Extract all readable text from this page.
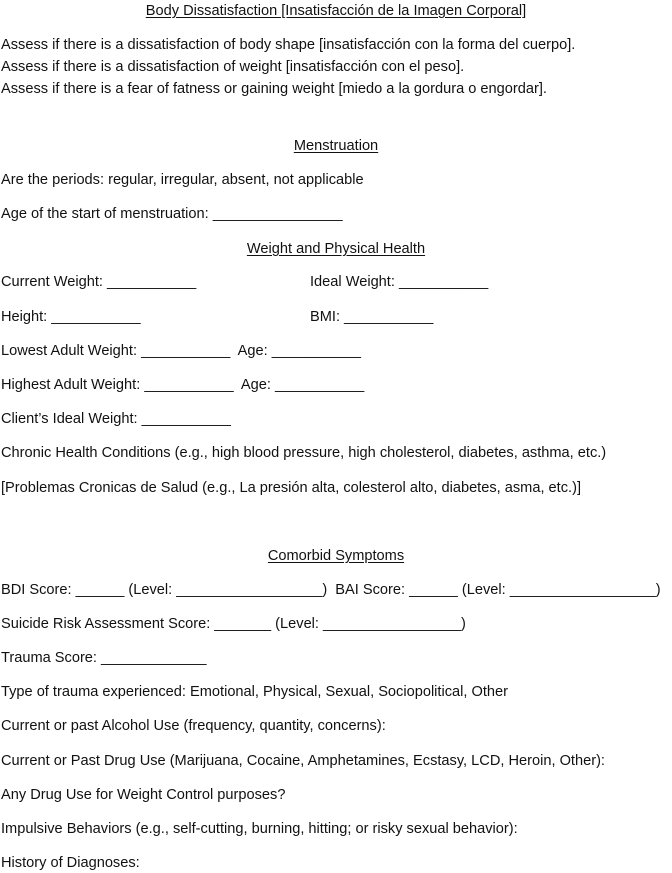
Body Dissatisfaction [Insatisfacción de la Imagen Corporal]
Assess if there is a dissatisfaction of body shape [insatisfacción con la forma del cuerpo].
Assess if there is a dissatisfaction of weight [insatisfacción con el peso].
Assess if there is a fear of fatness or gaining weight [miedo a la gordura o engordar].
Menstruation
Are the periods: regular, irregular, absent, not applicable
Age of the start of menstruation: ________________
Weight and Physical Health
Current Weight: ___________	Ideal Weight: ___________
Height: ___________	BMI: ___________
Lowest Adult Weight: ___________  Age: ___________
Highest Adult Weight: ___________  Age: ___________
Client’s Ideal Weight: ___________
Chronic Health Conditions (e.g., high blood pressure, high cholesterol, diabetes, asthma, etc.)
[Problemas Cronicas de Salud (e.g., La presión alta, colesterol alto, diabetes, asma, etc.)]
Comorbid Symptoms
BDI Score: ______ (Level: __________________)  BAI Score: ______ (Level: __________________)
Suicide Risk Assessment Score: _______ (Level: _________________)
Trauma Score: _____________
Type of trauma experienced: Emotional, Physical, Sexual, Sociopolitical, Other
Current or past Alcohol Use (frequency, quantity, concerns):
Current or Past Drug Use (Marijuana, Cocaine, Amphetamines, Ecstasy, LCD, Heroin, Other):
Any Drug Use for Weight Control purposes?
Impulsive Behaviors (e.g., self-cutting, burning, hitting; or risky sexual behavior):
History of Diagnoses:
